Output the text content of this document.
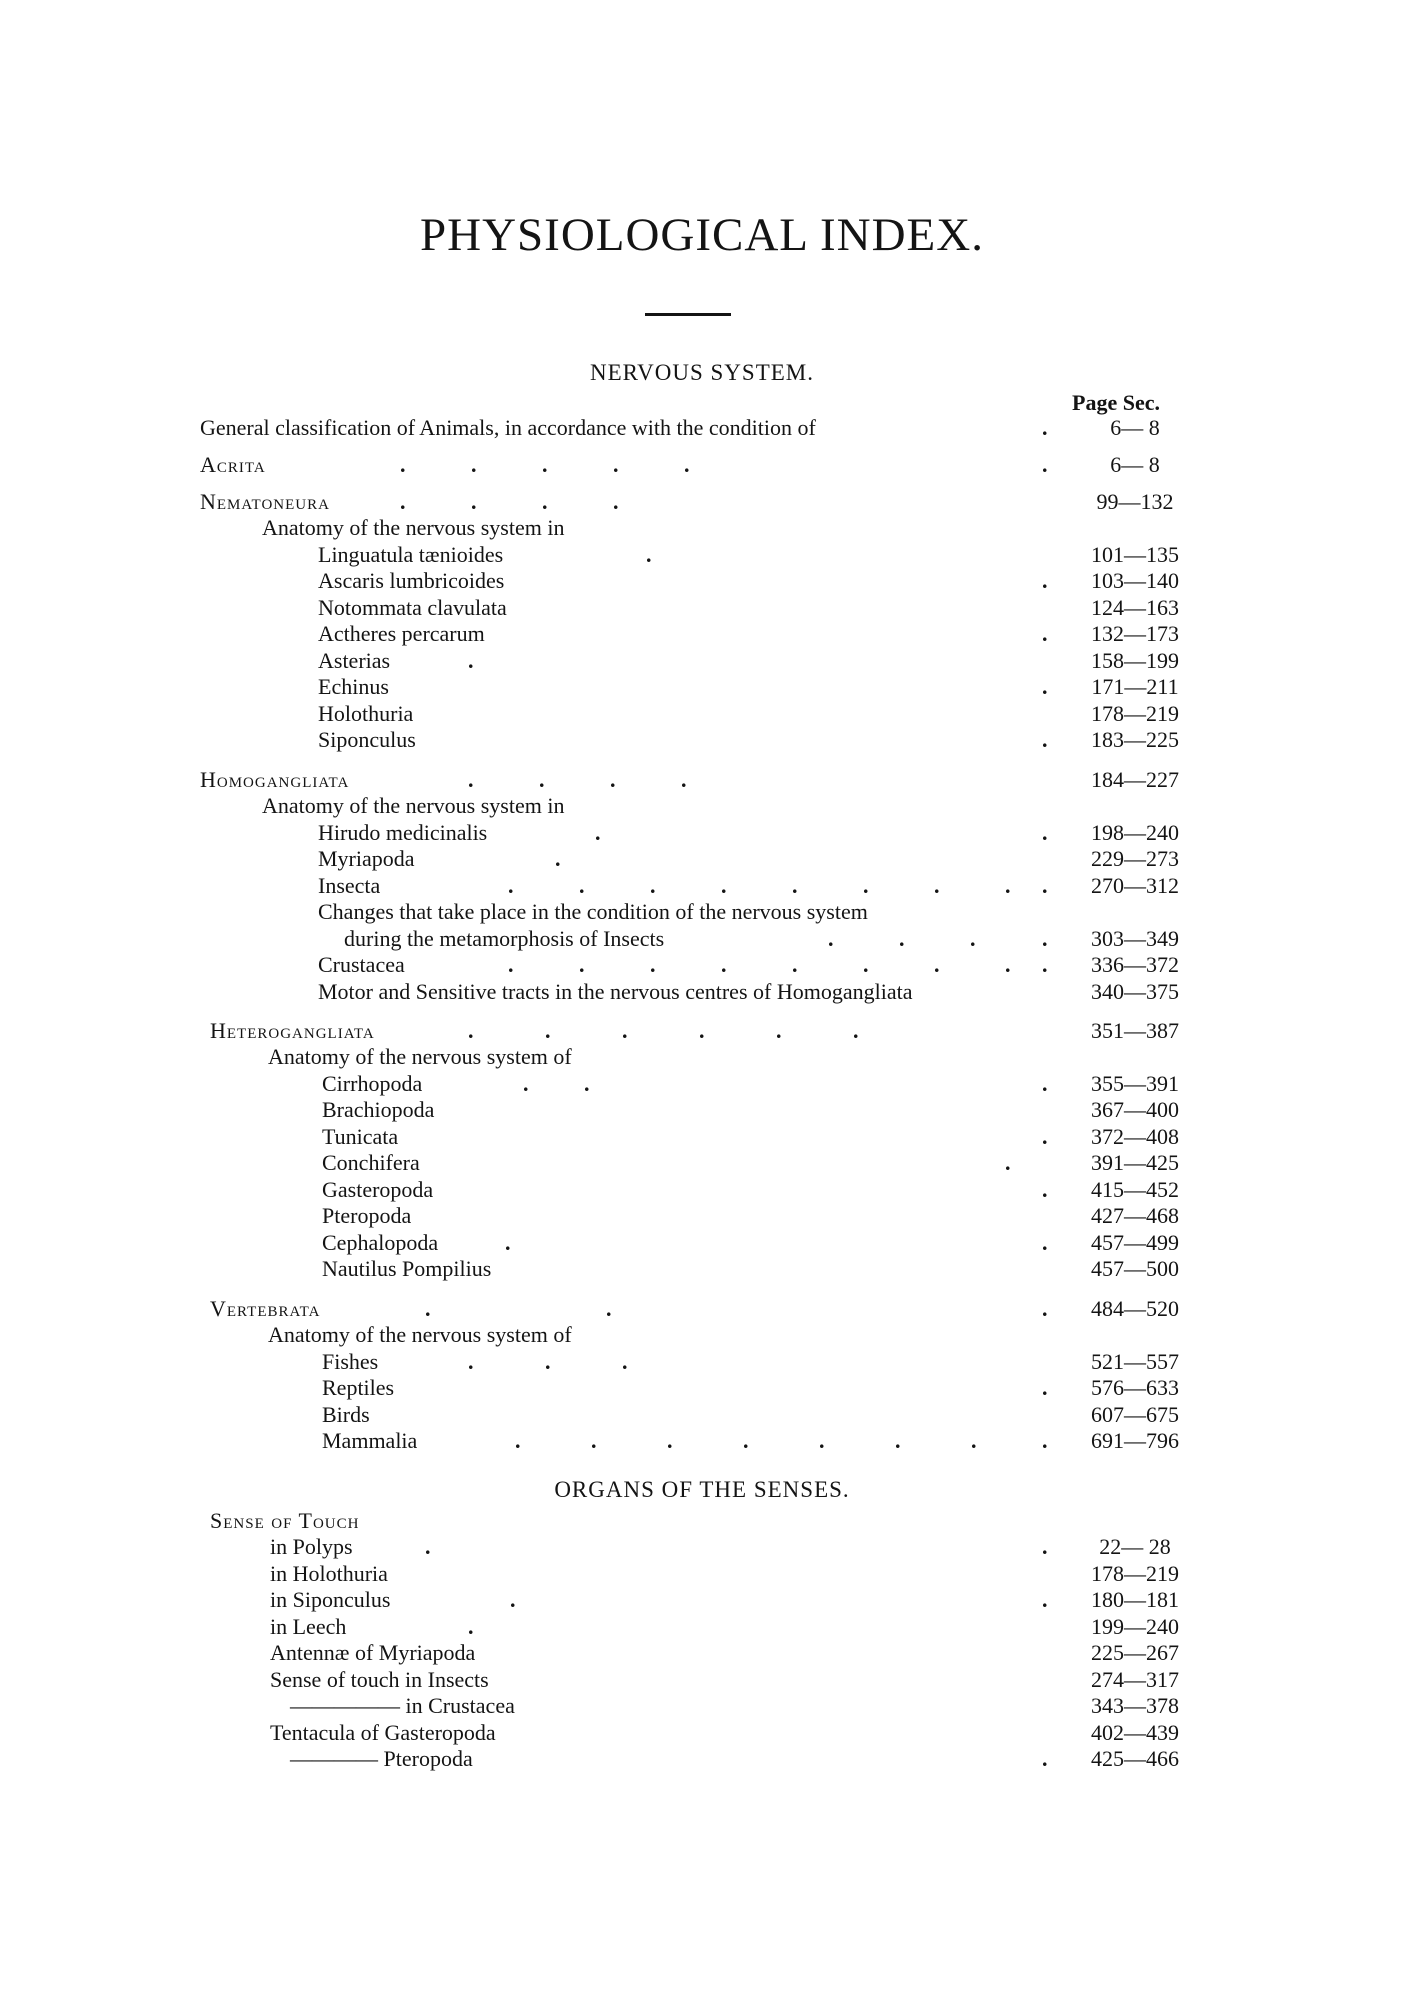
PHYSIOLOGICAL INDEX.
NERVOUS SYSTEM.
Page Sec.
General classification of Animals, in accordance with the condition of	.	6— 8
Acrita	. . . . .	.	6— 8
Nematoneura	. . . .	99—132
Anatomy of the nervous system in
Linguatula tænioides	.	101—135
Ascaris lumbricoides	.	103—140
Notommata clavulata	124—163
Actheres percarum	.	132—173
Asterias	.	158—199
Echinus	.	171—211
Holothuria	178—219
Siponculus	.	183—225
Homogangliata	. . . .	184—227
Anatomy of the nervous system in
Hirudo medicinalis	.	.	198—240
Myriapoda	.	229—273
Insecta	. . . . . . . . .	270—312
Changes that take place in the condition of the nervous system
during the metamorphosis of Insects	. . .	.	303—349
Crustacea	. . . . . . . . .	336—372
Motor and Sensitive tracts in the nervous centres of Homogangliata	340—375
Heterogangliata	. . . . . .	351—387
Anatomy of the nervous system of
Cirrhopoda	. .	.	355—391
Brachiopoda	367—400
Tunicata	.	372—408
Conchifera	.	391—425
Gasteropoda	.	415—452
Pteropoda	427—468
Cephalopoda	.	.	457—499
Nautilus Pompilius	457—500
Vertebrata	. .	.	484—520
Anatomy of the nervous system of
Fishes	. . .	521—557
Reptiles	.	576—633
Birds	607—675
Mammalia	. . . . . . .	.	691—796
ORGANS OF THE SENSES.
Sense of Touch
in Polyps	.	.	22— 28
in Holothuria	178—219
in Siponculus	.	.	180—181
in Leech	.	199—240
Antennæ of Myriapoda	225—267
Sense of touch in Insects	274—317
————— in Crustacea	343—378
Tentacula of Gasteropoda	402—439
———— Pteropoda	.	425—466
